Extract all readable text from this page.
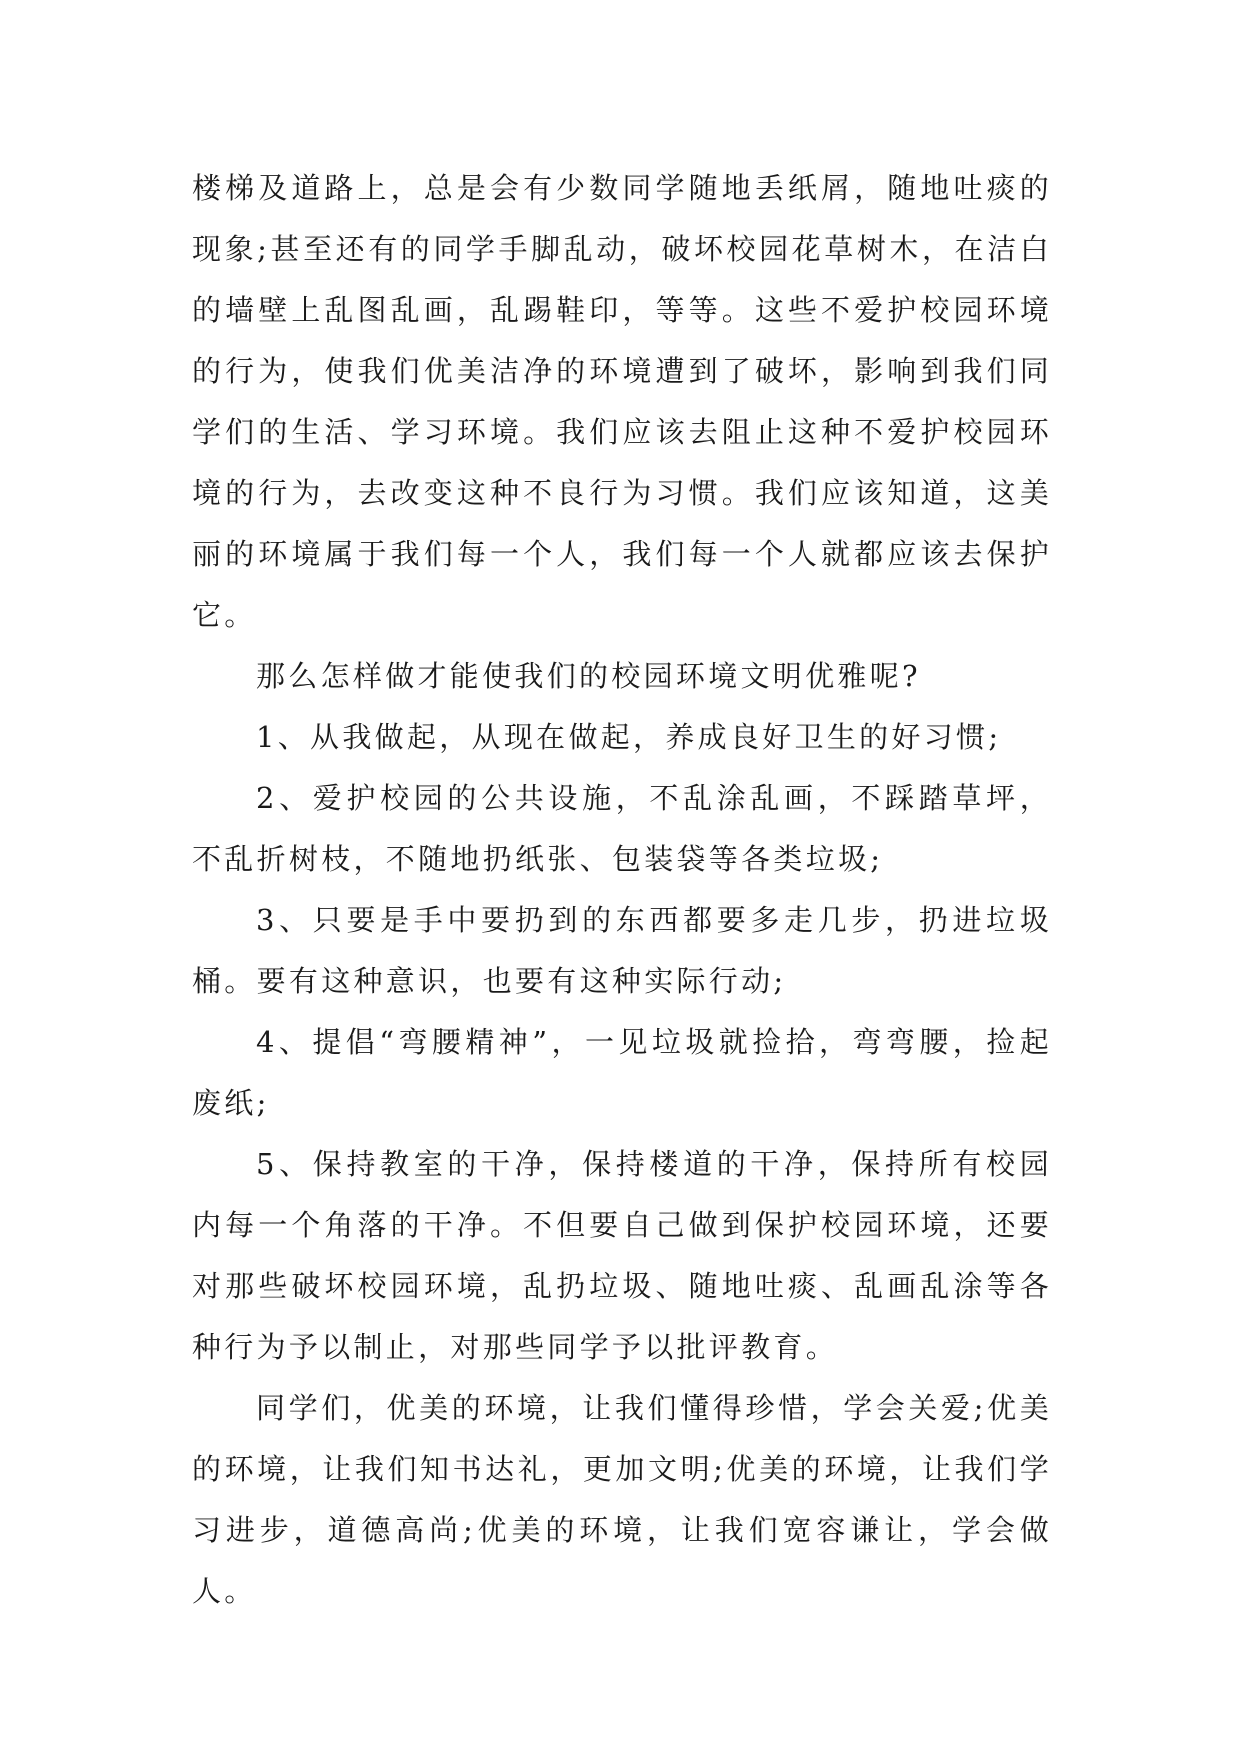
楼梯及道路上，总是会有少数同学随地丢纸屑，随地吐痰的现象;甚至还有的同学手脚乱动，破坏校园花草树木，在洁白的墙壁上乱图乱画，乱踢鞋印，等等。这些不爱护校园环境的行为，使我们优美洁净的环境遭到了破坏，影响到我们同学们的生活、学习环境。我们应该去阻止这种不爱护校园环境的行为，去改变这种不良行为习惯。我们应该知道，这美丽的环境属于我们每一个人，我们每一个人就都应该去保护它。

那么怎样做才能使我们的校园环境文明优雅呢?

1、从我做起，从现在做起，养成良好卫生的好习惯;

2、爱护校园的公共设施，不乱涂乱画，不踩踏草坪，不乱折树枝，不随地扔纸张、包装袋等各类垃圾;

3、只要是手中要扔到的东西都要多走几步，扔进垃圾桶。要有这种意识，也要有这种实际行动;

4、提倡“弯腰精神”，一见垃圾就捡拾，弯弯腰，捡起废纸;

5、保持教室的干净，保持楼道的干净，保持所有校园内每一个角落的干净。不但要自己做到保护校园环境，还要对那些破坏校园环境，乱扔垃圾、随地吐痰、乱画乱涂等各种行为予以制止，对那些同学予以批评教育。

同学们，优美的环境，让我们懂得珍惜，学会关爱;优美的环境，让我们知书达礼，更加文明;优美的环境，让我们学习进步，道德高尚;优美的环境，让我们宽容谦让，学会做人。
